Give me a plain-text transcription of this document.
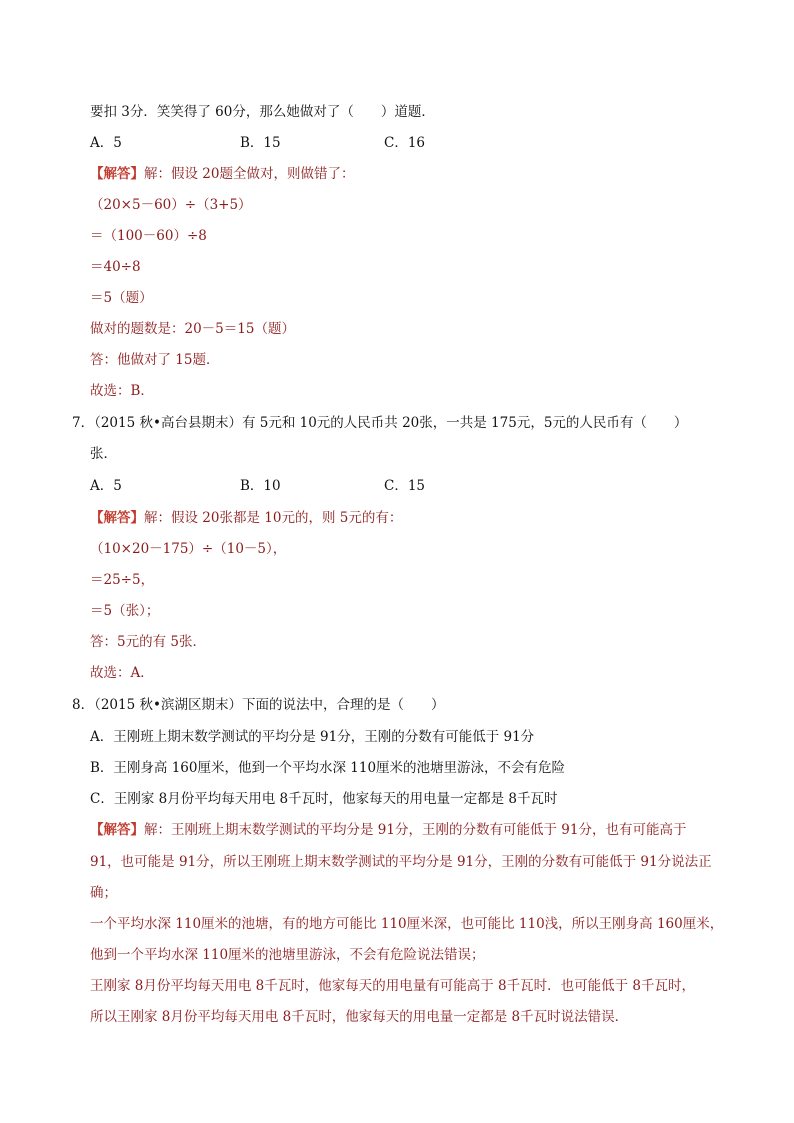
要扣 3分．笑笑得了 60分，那么她做对了（　　）道题．
A．5	B．15	C．16
【解答】解：假设 20题全做对，则做错了：
（20×5－60）÷（3+5）
＝（100－60）÷8
＝40÷8
＝5（题）
做对的题数是：20－5＝15（题）
答：他做对了 15题．
故选：B．
7．（2015 秋•高台县期末）有 5元和 10元的人民币共 20张，一共是 175元，5元的人民币有（　　）
张．
A．5	B．10	C．15
【解答】解：假设 20张都是 10元的，则 5元的有：
（10×20－175）÷（10－5），
＝25÷5，
＝5（张）；
答：5元的有 5张．
故选：A．
8．（2015 秋•滨湖区期末）下面的说法中，合理的是（　　）
A．王刚班上期末数学测试的平均分是 91分，王刚的分数有可能低于 91分
B．王刚身高 160厘米，他到一个平均水深 110厘米的池塘里游泳，不会有危险
C．王刚家 8月份平均每天用电 8千瓦时，他家每天的用电量一定都是 8千瓦时
【解答】解：王刚班上期末数学测试的平均分是 91分，王刚的分数有可能低于 91分，也有可能高于
91，也可能是 91分，所以王刚班上期末数学测试的平均分是 91分，王刚的分数有可能低于 91分说法正
确；
一个平均水深 110厘米的池塘，有的地方可能比 110厘米深，也可能比 110浅，所以王刚身高 160厘米，
他到一个平均水深 110厘米的池塘里游泳，不会有危险说法错误；
王刚家 8月份平均每天用电 8千瓦时，他家每天的用电量有可能高于 8千瓦时．也可能低于 8千瓦时，
所以王刚家 8月份平均每天用电 8千瓦时，他家每天的用电量一定都是 8千瓦时说法错误．
